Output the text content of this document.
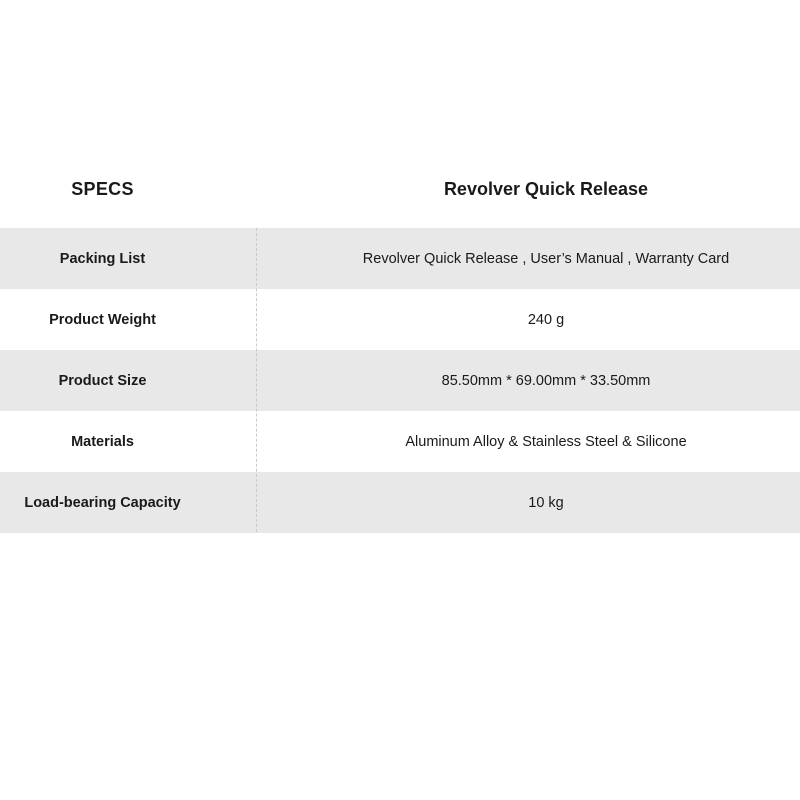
SPECS	Revolver Quick Release
Packing List	Revolver Quick Release , User’s Manual , Warranty Card
Product Weight	240 g
Product Size	85.50mm * 69.00mm * 33.50mm
Materials	Aluminum Alloy & Stainless Steel & Silicone
Load-bearing Capacity	10 kg
